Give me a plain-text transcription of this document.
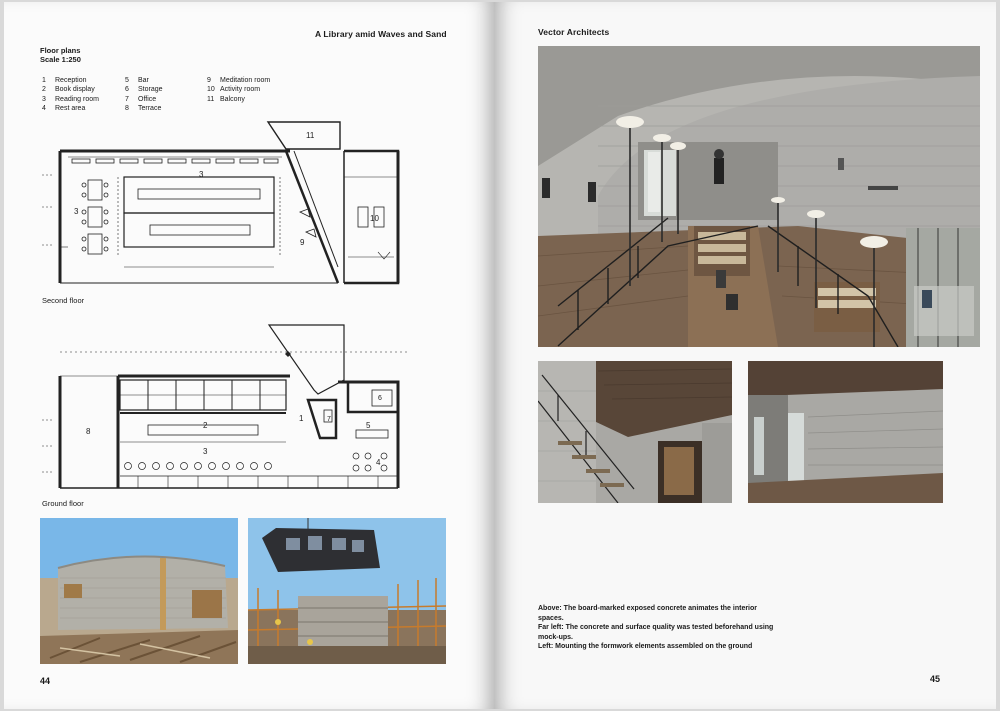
A Library amid Waves and Sand
Floor plans
Scale 1:250
1 Reception
2 Book display
3 Reading room
4 Rest area
5 Bar
6 Storage
7 Office
8 Terrace
9 Meditation room
10 Activity room
11 Balcony
3
3
9
10
11
Second floor
2
3
1	7
5
6
4
8
Ground floor
44
Vector Architects

Above: The board-marked exposed concrete animates the interior spaces.

Far left: The concrete and surface quality was tested beforehand using mock-ups.

Left: Mounting the formwork elements assembled on the ground

45
